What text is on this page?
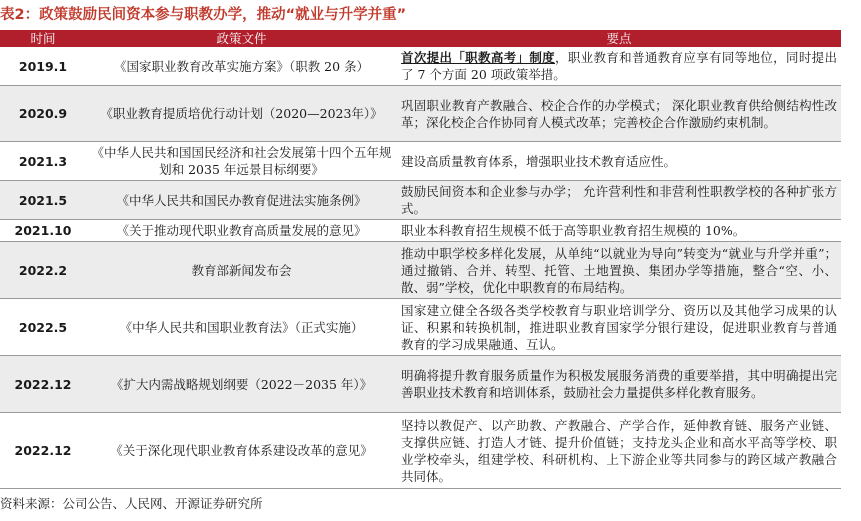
表2：政策鼓励民间资本参与职教办学，推动“就业与升学并重”
时间	政策文件	要点
2019.1	《国家职业教育改革实施方案》（职教 20 条）	首次提出「职教高考」制度，职业教育和普通教育应享有同等地位，同时提出了 7 个方面 20 项政策举措。
2020.9	《职业教育提质培优行动计划（2020—2023年）》	巩固职业教育产教融合、校企合作的办学模式； 深化职业教育供给侧结构性改革；深化校企合作协同育人模式改革；完善校企合作激励约束机制。
2021.3	《中华人民共和国国民经济和社会发展第十四个五年规划和 2035 年远景目标纲要》	建设高质量教育体系，增强职业技术教育适应性。
2021.5	《中华人民共和国民办教育促进法实施条例》	鼓励民间资本和企业参与办学； 允许营利性和非营利性职教学校的各种扩张方式。
2021.10	《关于推动现代职业教育高质量发展的意见》	职业本科教育招生规模不低于高等职业教育招生规模的 10%。
2022.2	教育部新闻发布会	推动中职学校多样化发展，从单纯“以就业为导向”转变为“就业与升学并重”；通过撤销、合并、转型、托管、土地置换、集团办学等措施，整合“空、小、散、弱”学校，优化中职教育的布局结构。
2022.5	《中华人民共和国职业教育法》（正式实施）	国家建立健全各级各类学校教育与职业培训学分、资历以及其他学习成果的认证、积累和转换机制，推进职业教育国家学分银行建设，促进职业教育与普通教育的学习成果融通、互认。
2022.12	《扩大内需战略规划纲要（2022－2035 年）》	明确将提升教育服务质量作为积极发展服务消费的重要举措，其中明确提出完善职业技术教育和培训体系，鼓励社会力量提供多样化教育服务。
2022.12	《关于深化现代职业教育体系建设改革的意见》	坚持以教促产、以产助教、产教融合、产学合作，延伸教育链、服务产业链、支撑供应链、打造人才链、提升价值链；支持龙头企业和高水平高等学校、职业学校牵头，组建学校、科研机构、上下游企业等共同参与的跨区域产教融合共同体。
资料来源：公司公告、人民网、开源证券研究所
